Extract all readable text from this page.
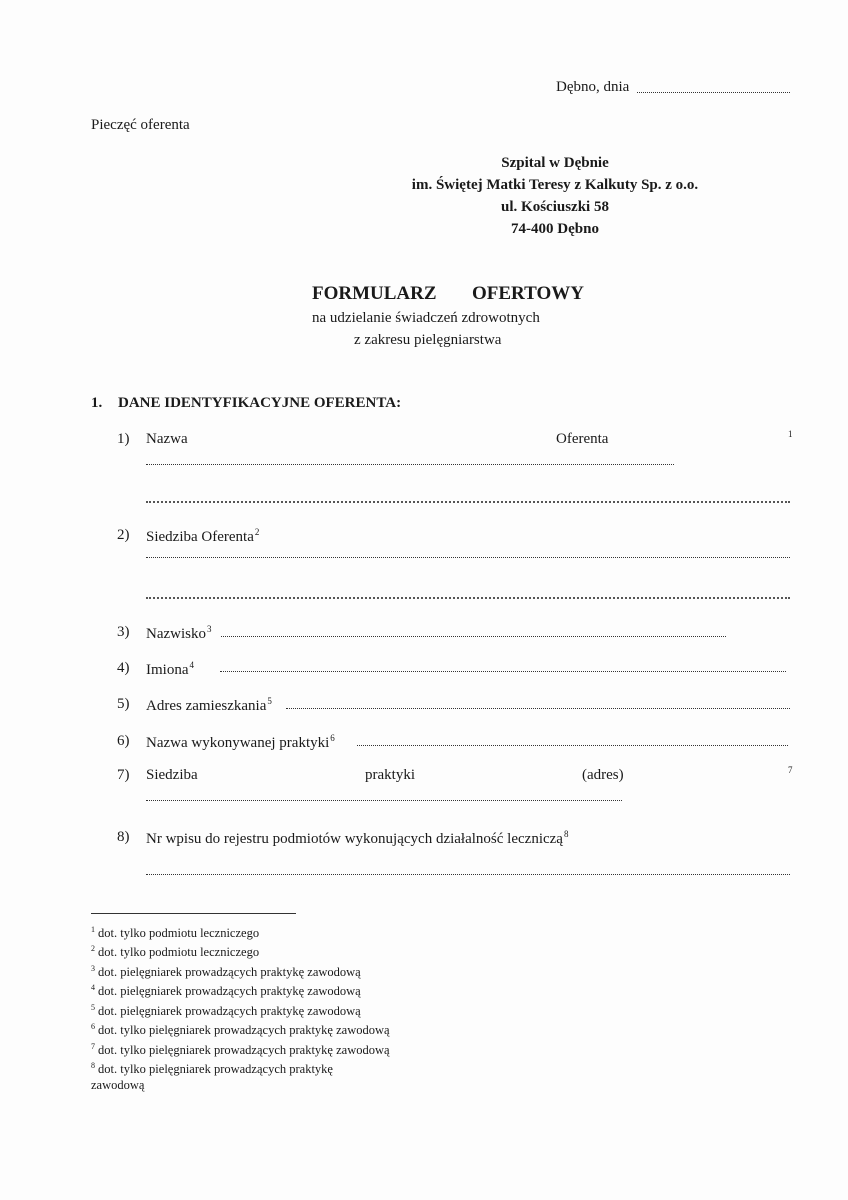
Dębno, dnia
Pieczęć oferenta
Szpital w Dębnie
im. Świętej Matki Teresy z Kalkuty Sp. z o.o.
ul. Kościuszki 58
74-400 Dębno
FORMULARZ OFERTOWY
na udzielanie świadczeń zdrowotnych
z zakresu pielęgniarstwa
1. DANE IDENTYFIKACYJNE OFERENTA:
1) Nazwa	Oferenta	1
2) Siedziba Oferenta$^2$
3) Nazwisko$^3$
4) Imiona$^4$
5) Adres zamieszkania$^5$
6) Nazwa wykonywanej praktyki$^6$
7) Siedziba	praktyki	(adres)	7
8) Nr wpisu do rejestru podmiotów wykonujących działalność leczniczą$^8$
$^1$ dot. tylko podmiotu leczniczego
$^2$ dot. tylko podmiotu leczniczego
$^3$ dot. pielęgniarek prowadzących praktykę zawodową
$^4$ dot. pielęgniarek prowadzących praktykę zawodową
$^5$ dot. pielęgniarek prowadzących praktykę zawodową
$^6$ dot. tylko pielęgniarek prowadzących praktykę zawodową
$^7$ dot. tylko pielęgniarek prowadzących praktykę zawodową
$^8$ dot. tylko pielęgniarek prowadzących praktykę
zawodową
